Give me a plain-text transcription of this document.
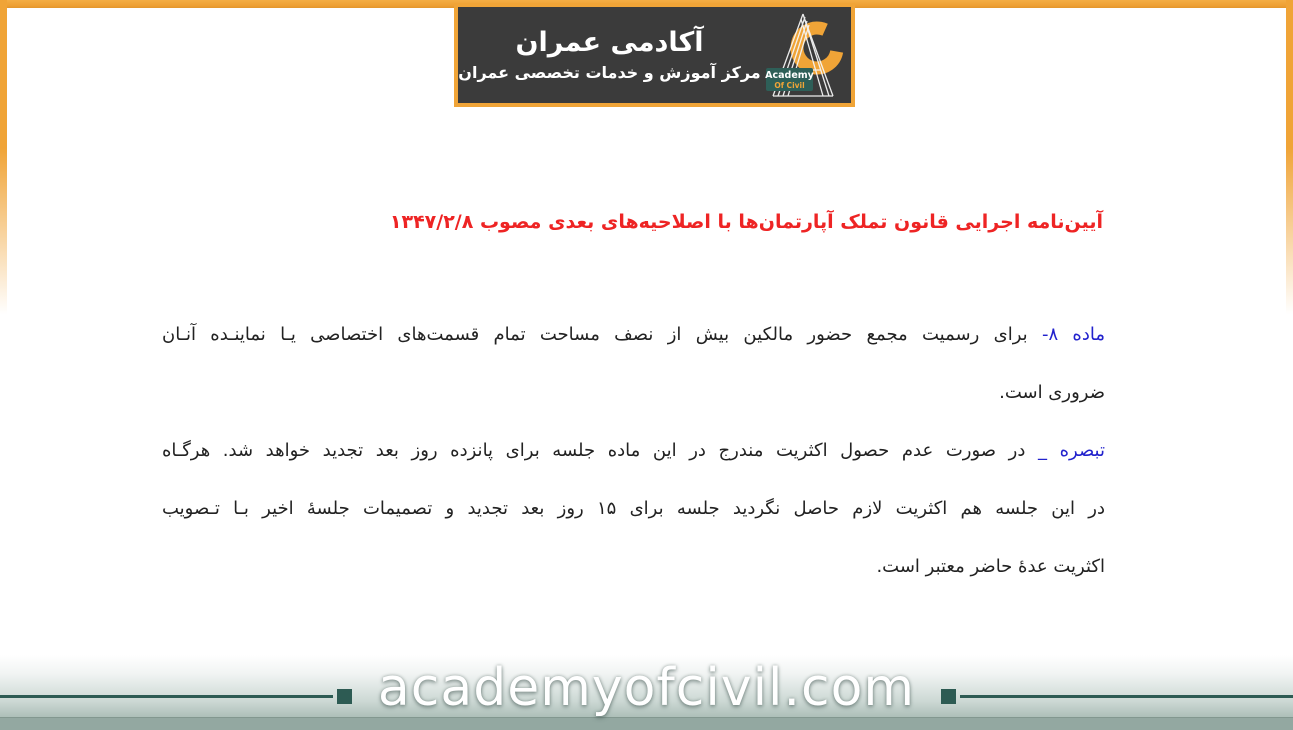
آکادمی عمران
مرکز آموزش و خدمات تخصصی عمران Academy
Of Civil
آیین‌نامه اجرایی قانون تملک آپارتمان‌ها با اصلاحیه‌های بعدی مصوب ۱۳۴۷/۲/۸
ماده ۸- برای رسمیت مجمع حضور مالکین بیش از نصف مساحت تمام قسمت‌های اختصاصی یـا نماینـده آنـان
ضروری است.
تبصره _ در صورت عدم حصول اکثریت مندرج در این ماده جلسه برای پانزده روز بعد تجدید خواهد شد. هرگـاه
در این جلسه هم اکثریت لازم حاصل نگردید جلسه برای ۱۵ روز بعد تجدید و تصمیمات جلسهٔ اخیر بـا تـصویب
اکثریت عدهٔ حاضر معتبر است.
academyofcivil.com
